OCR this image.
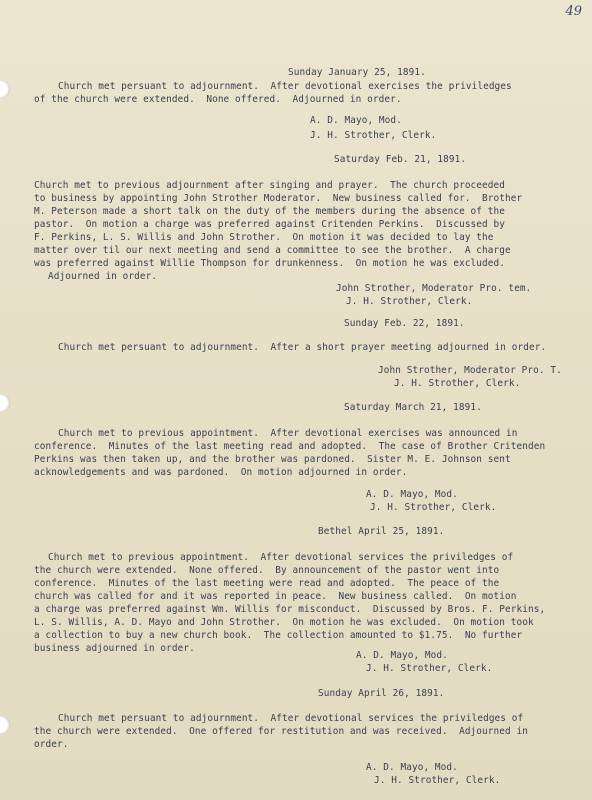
49
Sunday January 25, 1891.
Church met persuant to adjournment.  After devotional exercises the priviledges
of the church were extended.  None offered.  Adjourned in order.
A. D. Mayo, Mod.
J. H. Strother, Clerk.
Saturday Feb. 21, 1891.
Church met to previous adjournment after singing and prayer.  The church proceeded
to business by appointing John Strother Moderator.  New business called for.  Brother
M. Peterson made a short talk on the duty of the members during the absence of the
pastor.  On motion a charge was preferred against Critenden Perkins.  Discussed by
F. Perkins, L. S. Willis and John Strother.  On motion it was decided to lay the
matter over til our next meeting and send a committee to see the brother.  A charge
was preferred against Willie Thompson for drunkenness.  On motion he was excluded.
Adjourned in order.
John Strother, Moderator Pro. tem.
J. H. Strother, Clerk.
Sunday Feb. 22, 1891.
Church met persuant to adjournment.  After a short prayer meeting adjourned in order.
John Strother, Moderator Pro. T.
J. H. Strother, Clerk.
Saturday March 21, 1891.
Church met to previous appointment.  After devotional exercises was announced in
conference.  Minutes of the last meeting read and adopted.  The case of Brother Critenden
Perkins was then taken up, and the brother was pardoned.  Sister M. E. Johnson sent
acknowledgements and was pardoned.  On motion adjourned in order.
A. D. Mayo, Mod.
J. H. Strother, Clerk.
Bethel April 25, 1891.
Church met to previous appointment.  After devotional services the priviledges of
the church were extended.  None offered.  By announcement of the pastor went into
conference.  Minutes of the last meeting were read and adopted.  The peace of the
church was called for and it was reported in peace.  New business called.  On motion
a charge was preferred against Wm. Willis for misconduct.  Discussed by Bros. F. Perkins,
L. S. Willis, A. D. Mayo and John Strother.  On motion he was excluded.  On motion took
a collection to buy a new church book.  The collection amounted to $1.75.  No further
business adjourned in order.
A. D. Mayo, Mod.
J. H. Strother, Clerk.
Sunday April 26, 1891.
Church met persuant to adjournment.  After devotional services the priviledges of
the church were extended.  One offered for restitution and was received.  Adjourned in
order.
A. D. Mayo, Mod.
J. H. Strother, Clerk.
